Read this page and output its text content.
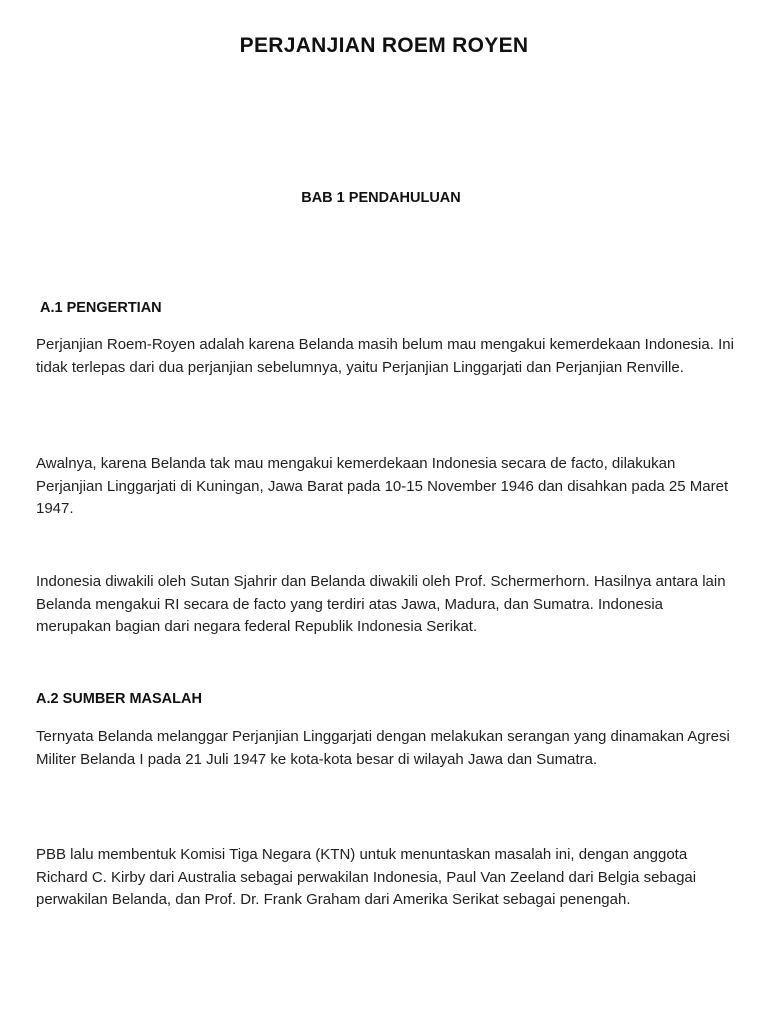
PERJANJIAN ROEM ROYEN
BAB 1 PENDAHULUAN
A.1 PENGERTIAN

Perjanjian Roem-Royen adalah karena Belanda masih belum mau mengakui kemerdekaan Indonesia. Ini tidak terlepas dari dua perjanjian sebelumnya, yaitu Perjanjian Linggarjati dan Perjanjian Renville.

Awalnya, karena Belanda tak mau mengakui kemerdekaan Indonesia secara de facto, dilakukan Perjanjian Linggarjati di Kuningan, Jawa Barat pada 10-15 November 1946 dan disahkan pada 25 Maret 1947.

Indonesia diwakili oleh Sutan Sjahrir dan Belanda diwakili oleh Prof. Schermerhorn. Hasilnya antara lain Belanda mengakui RI secara de facto yang terdiri atas Jawa, Madura, dan Sumatra. Indonesia merupakan bagian dari negara federal Republik Indonesia Serikat.

A.2 SUMBER MASALAH

Ternyata Belanda melanggar Perjanjian Linggarjati dengan melakukan serangan yang dinamakan Agresi Militer Belanda I pada 21 Juli 1947 ke kota-kota besar di wilayah Jawa dan Sumatra.

PBB lalu membentuk Komisi Tiga Negara (KTN) untuk menuntaskan masalah ini, dengan anggota Richard C. Kirby dari Australia sebagai perwakilan Indonesia, Paul Van Zeeland dari Belgia sebagai perwakilan Belanda, dan Prof. Dr. Frank Graham dari Amerika Serikat sebagai penengah.
